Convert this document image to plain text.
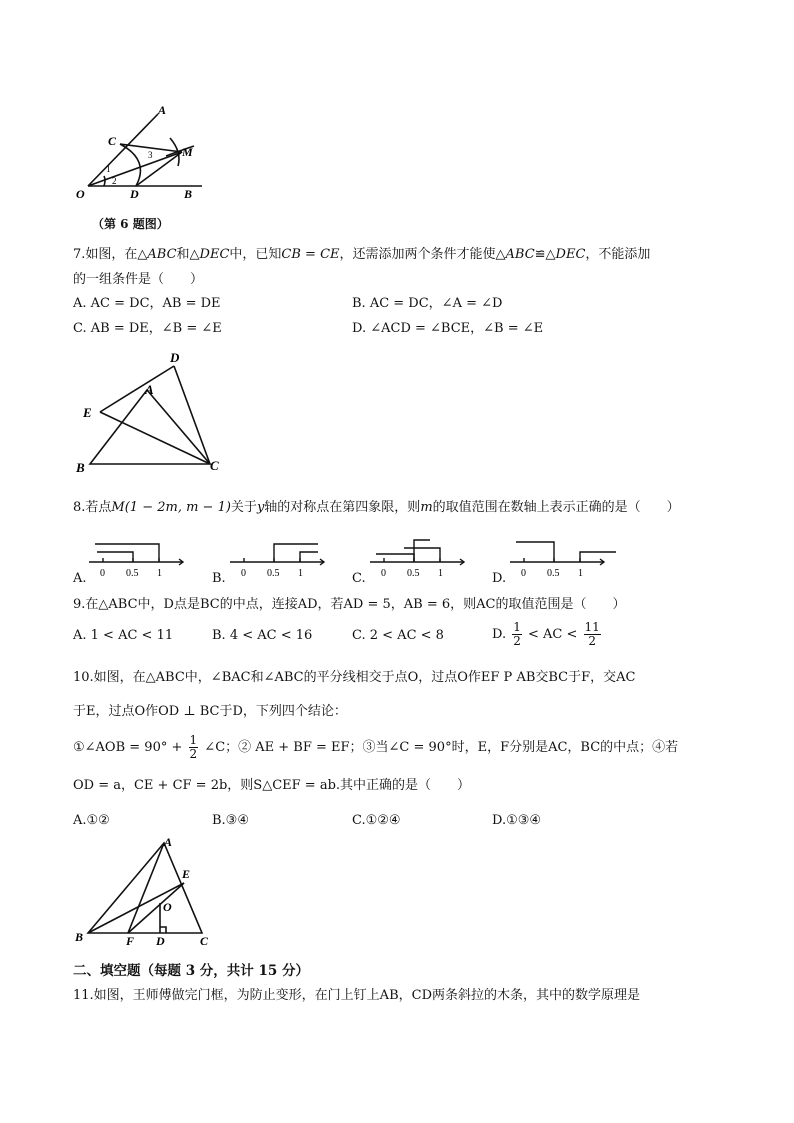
A
C
M
O	D	B
1
2
3
（第 6 题图）
7.如图，在△ABC和△DEC中，已知CB = CE，还需添加两个条件才能使△ABC≌△DEC，不能添加
的一组条件是（　　）
A. AC = DC，AB = DE	B. AC = DC，∠A = ∠D
C. AB = DE，∠B = ∠E	D. ∠ACD = ∠BCE，∠B = ∠E
D
A
E
B	C
8.若点M(1 − 2m, m − 1)关于y轴的对称点在第四象限，则m的取值范围在数轴上表示正确的是（　　）
A. 0 0.5 1	B. 0 0.5 1	C. 0 0.5 1	D. 0 0.5 1
9.在△ABC中，D点是BC的中点，连接AD，若AD = 5，AB = 6，则AC的取值范围是（　　）
A. 1 < AC < 11	B. 4 < AC < 16	C. 2 < AC < 8	D. $\frac{1}{2}$ < AC < $\frac{11}{2}$
10.如图，在△ABC中，∠BAC和∠ABC的平分线相交于点O，过点O作EF P AB交BC于F，交AC
于E，过点O作OD ⊥ BC于D，下列四个结论：
①∠AOB = $90^\circ + \frac{1}{2}$ ∠C；② AE + BF = EF；③当∠C = 90°时，E，F分别是AC，BC的中点；④若
OD = a，CE + CF = 2b，则S△CEF = ab.其中正确的是（　　）
A.①②	B.③④	C.①②④	D.①③④
A
E
O
B	F D	C
二、填空题（每题 3 分，共计 15 分）
11.如图，王师傅做完门框，为防止变形，在门上钉上AB，CD两条斜拉的木条，其中的数学原理是
